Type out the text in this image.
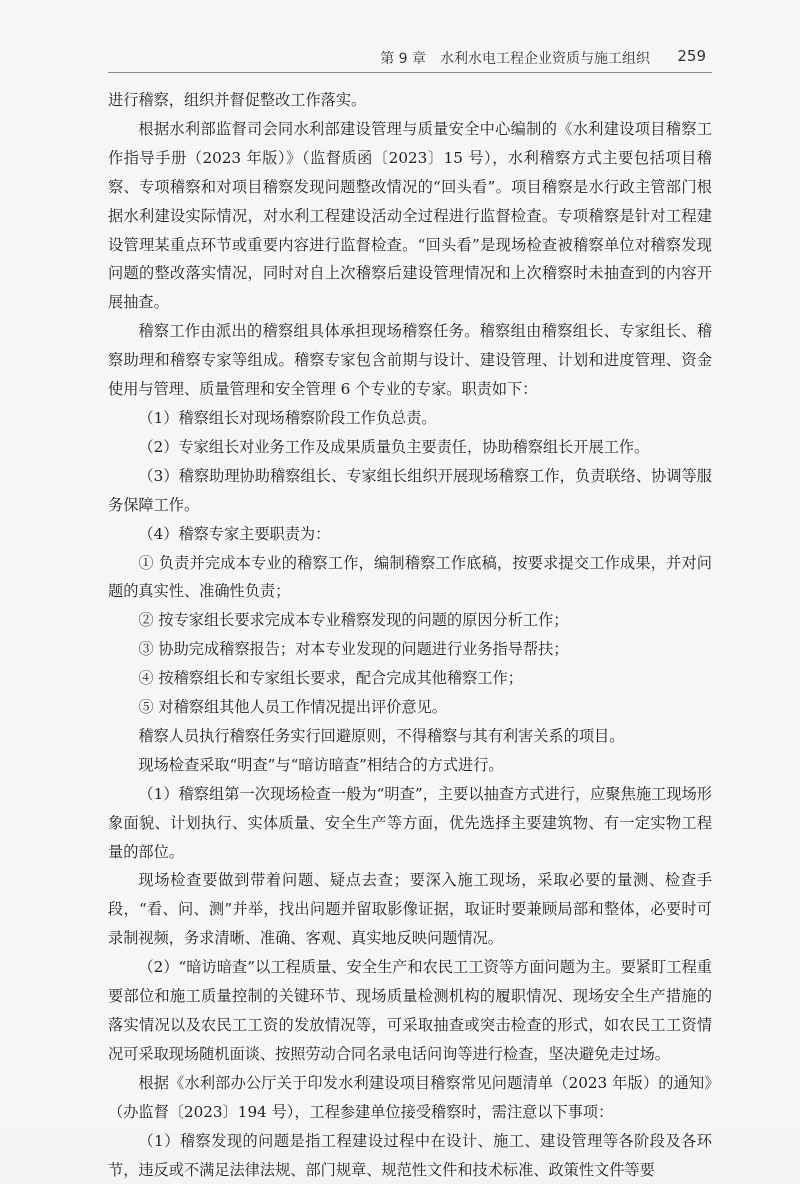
第 9 章　水利水电工程企业资质与施工组织 259

进行稽察，组织并督促整改工作落实。

根据水利部监督司会同水利部建设管理与质量安全中心编制的《水利建设项目稽察工作指导手册（2023 年版）》（监督质函〔2023〕15 号），水利稽察方式主要包括项目稽察、专项稽察和对项目稽察发现问题整改情况的“回头看”。项目稽察是水行政主管部门根据水利建设实际情况，对水利工程建设活动全过程进行监督检查。专项稽察是针对工程建设管理某重点环节或重要内容进行监督检查。“回头看”是现场检查被稽察单位对稽察发现问题的整改落实情况，同时对自上次稽察后建设管理情况和上次稽察时未抽查到的内容开展抽查。

稽察工作由派出的稽察组具体承担现场稽察任务。稽察组由稽察组长、专家组长、稽察助理和稽察专家等组成。稽察专家包含前期与设计、建设管理、计划和进度管理、资金使用与管理、质量管理和安全管理 6 个专业的专家。职责如下：

（1）稽察组长对现场稽察阶段工作负总责。

（2）专家组长对业务工作及成果质量负主要责任，协助稽察组长开展工作。

（3）稽察助理协助稽察组长、专家组长组织开展现场稽察工作，负责联络、协调等服务保障工作。

（4）稽察专家主要职责为：

① 负责并完成本专业的稽察工作，编制稽察工作底稿，按要求提交工作成果，并对问题的真实性、准确性负责；

② 按专家组长要求完成本专业稽察发现的问题的原因分析工作；

③ 协助完成稽察报告；对本专业发现的问题进行业务指导帮扶；

④ 按稽察组长和专家组长要求，配合完成其他稽察工作；

⑤ 对稽察组其他人员工作情况提出评价意见。

稽察人员执行稽察任务实行回避原则，不得稽察与其有利害关系的项目。

现场检查采取“明查”与“暗访暗查”相结合的方式进行。

（1）稽察组第一次现场检查一般为“明查”，主要以抽查方式进行，应聚焦施工现场形象面貌、计划执行、实体质量、安全生产等方面，优先选择主要建筑物、有一定实物工程量的部位。

现场检查要做到带着问题、疑点去查；要深入施工现场，采取必要的量测、检查手段，“看、问、测”并举，找出问题并留取影像证据，取证时要兼顾局部和整体，必要时可录制视频，务求清晰、准确、客观、真实地反映问题情况。

（2）“暗访暗查”以工程质量、安全生产和农民工工资等方面问题为主。要紧盯工程重要部位和施工质量控制的关键环节、现场质量检测机构的履职情况、现场安全生产措施的落实情况以及农民工工资的发放情况等，可采取抽查或突击检查的形式，如农民工工资情况可采取现场随机面谈、按照劳动合同名录电话问询等进行检查，坚决避免走过场。

根据《水利部办公厅关于印发水利建设项目稽察常见问题清单（2023 年版）的通知》（办监督〔2023〕194 号），工程参建单位接受稽察时，需注意以下事项：

（1）稽察发现的问题是指工程建设过程中在设计、施工、建设管理等各阶段及各环节，违反或不满足法律法规、部门规章、规范性文件和技术标准、政策性文件等要
